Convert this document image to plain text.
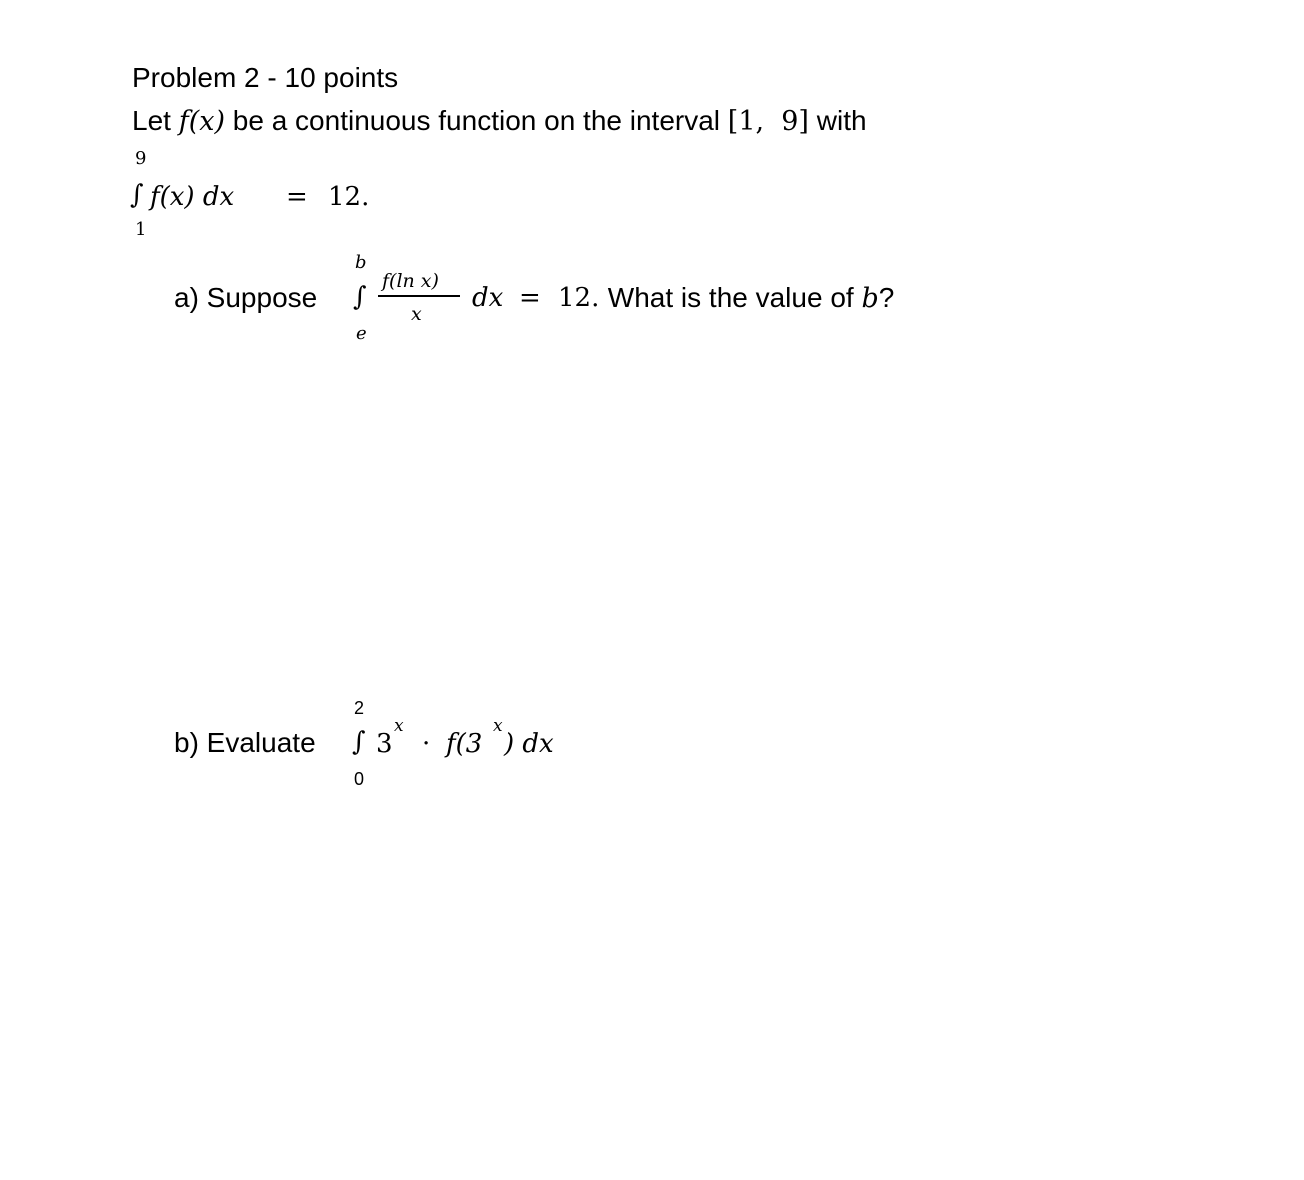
Problem 2 - 10 points
Let f(x) be a continuous function on the interval [1,  9] with
9
∫ f(x) dx = 12.
1
a) Suppose
b
∫
e
f(ln x)
x
dx = 12. What is the value of b?
b) Evaluate
2
∫
0
3
x
· f(3
x
) dx
